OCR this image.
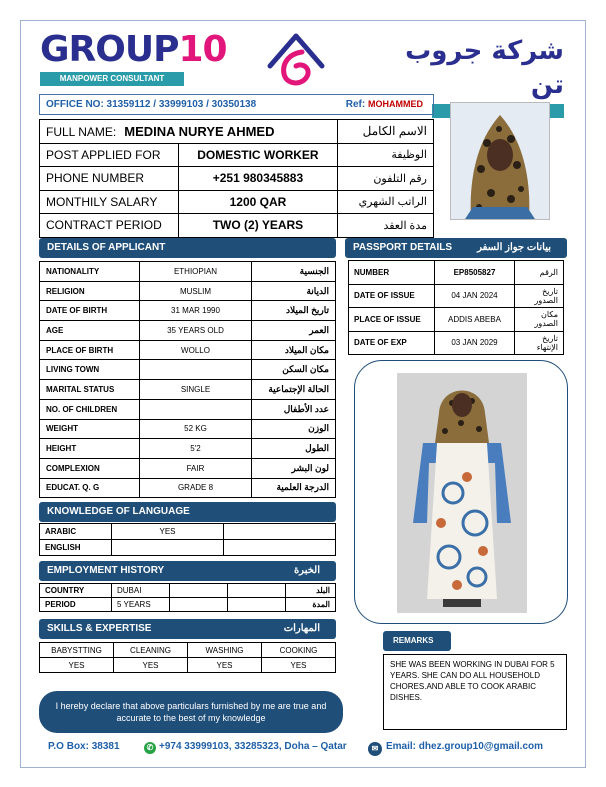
GROUP10
MANPOWER CONSULTANT
شركة جروب تن
OFFICE NO: 31359112 / 33999103 / 30350138	Ref: MOHAMMED
FULL NAME: MEDINA NURYE AHMED		الاسم الكامل
POST APPLIED FOR	DOMESTIC WORKER	الوظيفة
PHONE NUMBER	+251 980345883	رقم التلفون
MONTHILY SALARY	1200 QAR	الراتب الشهري
CONTRACT PERIOD	TWO (2) YEARS	مدة العقد
DETAILS OF APPLICANT
NATIONALITY	ETHIOPIAN	الجنسية
RELIGION	MUSLIM	الديانة
DATE OF BIRTH	31 MAR 1990	تاريخ الميلاد
AGE	35 YEARS OLD	العمر
PLACE OF BIRTH	WOLLO	مكان الميلاد
LIVING TOWN		مكان السكن
MARITAL STATUS	SINGLE	الحالة الإجتماعية
NO. OF CHILDREN		عدد الأطفال
WEIGHT	52 KG	الوزن
HEIGHT	5'2	الطول
COMPLEXION	FAIR	لون البشر
EDUCAT. Q. G	GRADE 8	الدرجة العلمية
PASSPORT DETAILS بيانات جواز السفر
NUMBER	EP8505827	الرقم
DATE OF ISSUE	04 JAN 2024	تاريخ الصدور
PLACE OF ISSUE	ADDIS ABEBA	مكان الصدور
DATE OF EXP	03 JAN 2029	تاريخ الإنتهاء
KNOWLEDGE OF LANGUAGE
ARABIC	YES	
ENGLISH		
EMPLOYMENT HISTORY	الخبرة
COUNTRY	DUBAI			البلد
PERIOD	5 YEARS			المدة
SKILLS & EXPERTISE	المهارات
BABYSTTING	CLEANING	WASHING	COOKING
YES	YES	YES	YES
REMARKS
SHE WAS BEEN WORKING IN DUBAI FOR 5 YEARS. SHE CAN DO ALL HOUSEHOLD CHORES.AND ABLE TO COOK ARABIC DISHES.
I hereby declare that above particulars furnished by me are true and accurate to the best of my knowledge
P.O Box: 38381	✆ +974 33999103, 33285323, Doha – Qatar	✉ Email: dhez.group10@gmail.com
